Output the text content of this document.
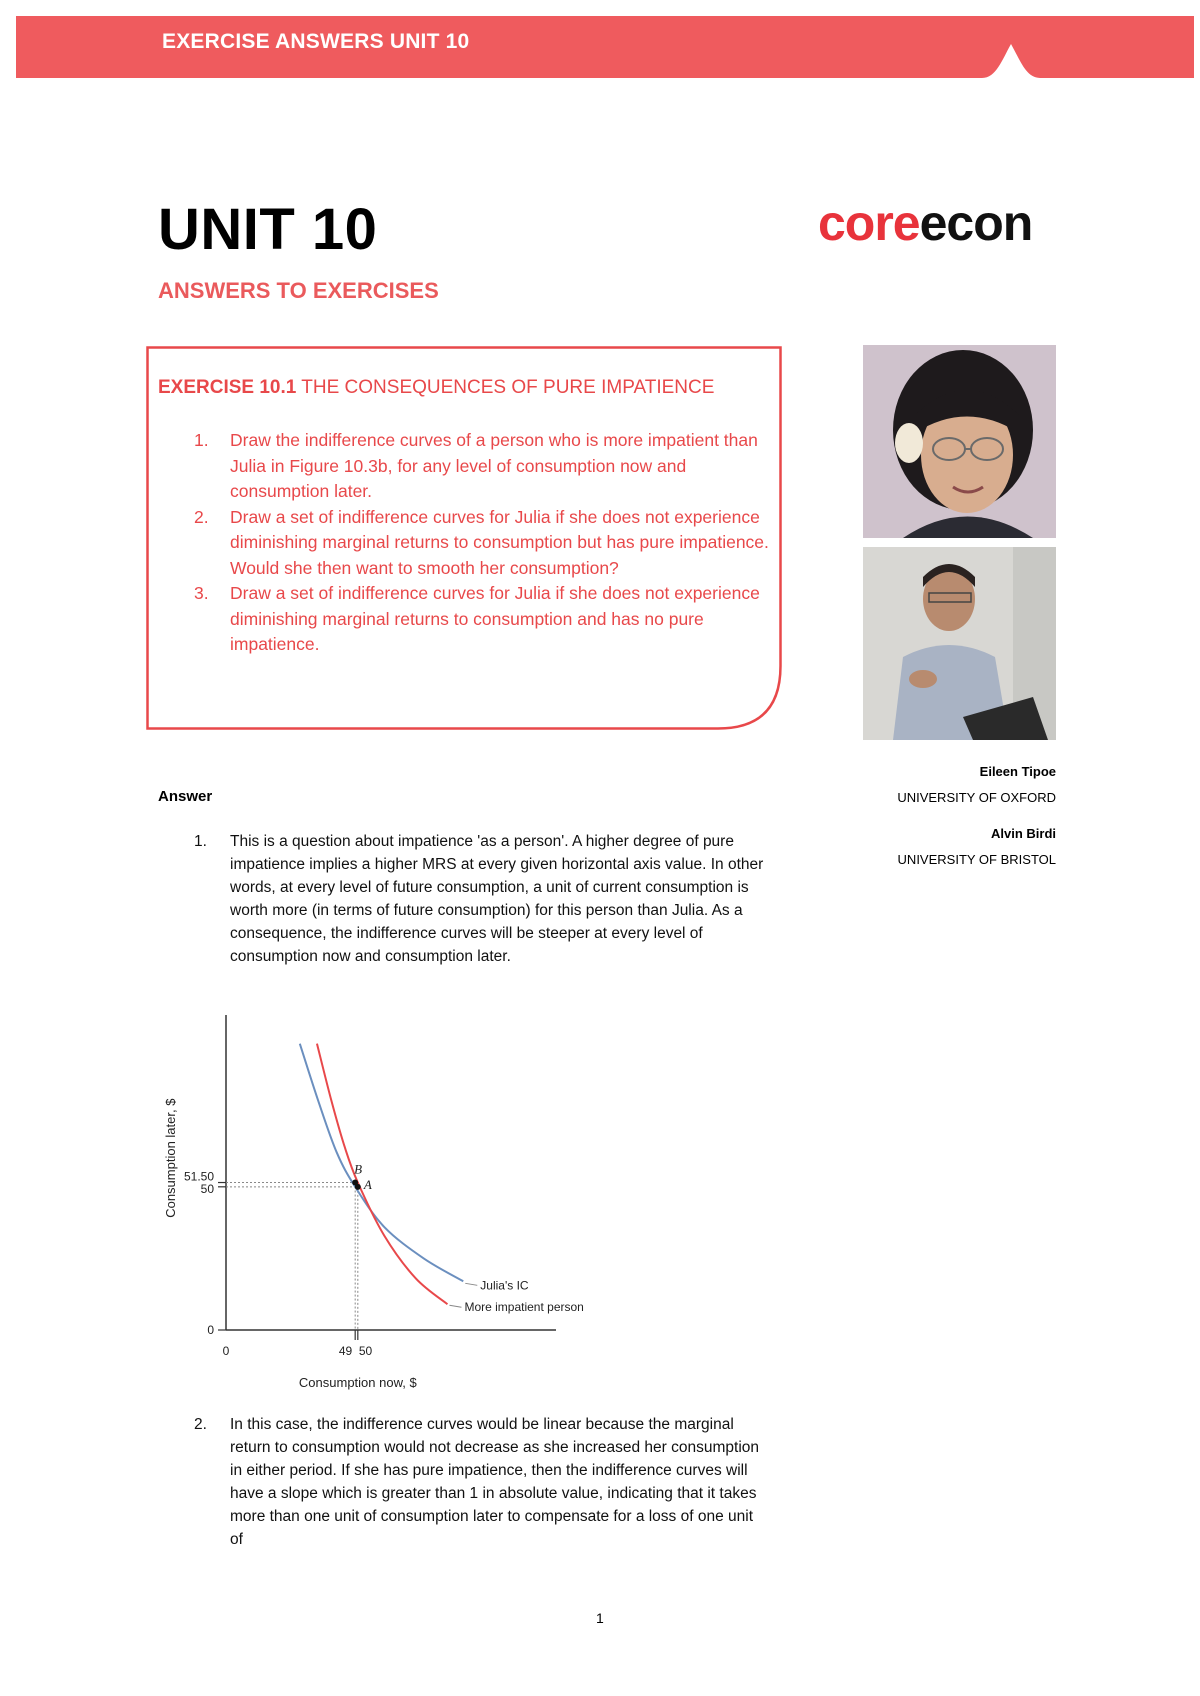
EXERCISE ANSWERS UNIT 10
UNIT 10
ANSWERS TO EXERCISES
coreecon
EXERCISE 10.1 THE CONSEQUENCES OF PURE IMPATIENCE
1. Draw the indifference curves of a person who is more impatient than Julia in Figure 10.3b, for any level of consumption now and consumption later.
2. Draw a set of indifference curves for Julia if she does not experience diminishing marginal returns to consumption but has pure impatience. Would she then want to smooth her consumption?
3. Draw a set of indifference curves for Julia if she does not experience diminishing marginal returns to consumption and has no pure impatience.
Eileen Tipoe
UNIVERSITY OF OXFORD
Alvin Birdi
UNIVERSITY OF BRISTOL
Answer
1. This is a question about impatience 'as a person'. A higher degree of pure impatience implies a higher MRS at every given horizontal axis value. In other words, at every level of future consumption, a unit of current consumption is worth more (in terms of future consumption) for this person than Julia. As a consequence, the indifference curves will be steeper at every level of consumption now and consumption later.
0
50
51.50
0	49 50
Consumption now, $
Consumption later, $
Julia's IC
More impatient person
A
B
2. In this case, the indifference curves would be linear because the marginal return to consumption would not decrease as she increased her consumption in either period. If she has pure impatience, then the indifference curves will have a slope which is greater than 1 in absolute value, indicating that it takes more than one unit of consumption later to compensate for a loss of one unit of
1
